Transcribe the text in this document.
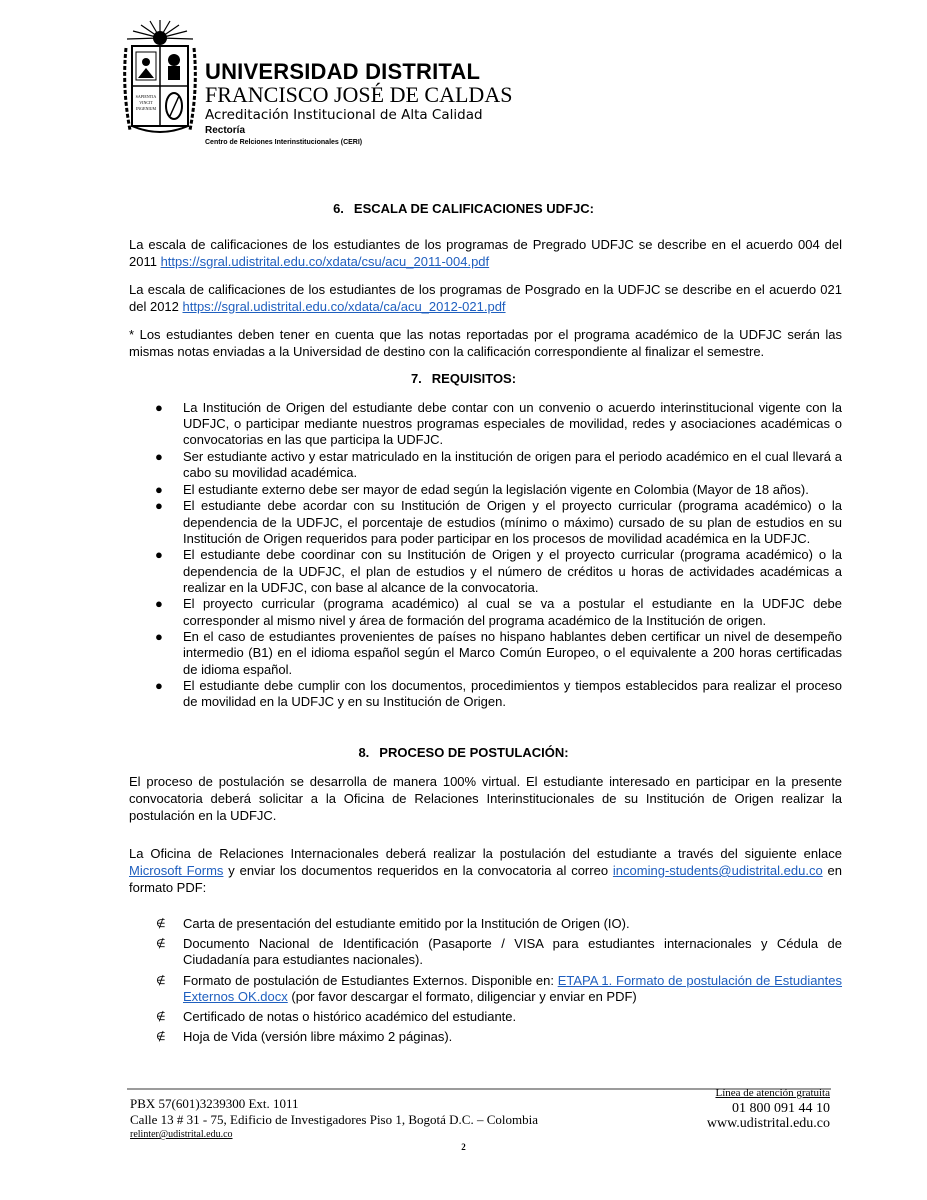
SAPIENTIA
VINCIT
INGENIUM
UNIVERSIDAD DISTRITAL
FRANCISCO JOSÉ DE CALDAS
Acreditación Institucional de Alta Calidad
Rectoría
Centro de Relciones Interinstitucionales (CERI)
6. ESCALA DE CALIFICACIONES UDFJC:
La escala de calificaciones de los estudiantes de los programas de Pregrado UDFJC se describe en el acuerdo 004 del 2011 https://sgral.udistrital.edu.co/xdata/csu/acu_2011-004.pdf
La escala de calificaciones de los estudiantes de los programas de Posgrado en la UDFJC se describe en el acuerdo 021 del 2012 https://sgral.udistrital.edu.co/xdata/ca/acu_2012-021.pdf
* Los estudiantes deben tener en cuenta que las notas reportadas por el programa académico de la UDFJC serán las mismas notas enviadas a la Universidad de destino con la calificación correspondiente al finalizar el semestre.
7. REQUISITOS:
● La Institución de Origen del estudiante debe contar con un convenio o acuerdo interinstitucional vigente con la UDFJC, o participar mediante nuestros programas especiales de movilidad, redes y asociaciones académicas o convocatorias en las que participa la UDFJC.
● Ser estudiante activo y estar matriculado en la institución de origen para el periodo académico en el cual llevará a cabo su movilidad académica.
● El estudiante externo debe ser mayor de edad según la legislación vigente en Colombia (Mayor de 18 años).
● El estudiante debe acordar con su Institución de Origen y el proyecto curricular (programa académico) o la dependencia de la UDFJC, el porcentaje de estudios (mínimo o máximo) cursado de su plan de estudios en su Institución de Origen requeridos para poder participar en los procesos de movilidad académica en la UDFJC.
● El estudiante debe coordinar con su Institución de Origen y el proyecto curricular (programa académico) o la dependencia de la UDFJC, el plan de estudios y el número de créditos u horas de actividades académicas a realizar en la UDFJC, con base al alcance de la convocatoria.
● El proyecto curricular (programa académico) al cual se va a postular el estudiante en la UDFJC debe corresponder al mismo nivel y área de formación del programa académico de la Institución de origen.
● En el caso de estudiantes provenientes de países no hispano hablantes deben certificar un nivel de desempeño intermedio (B1) en el idioma español según el Marco Común Europeo, o el equivalente a 200 horas certificadas de idioma español.
● El estudiante debe cumplir con los documentos, procedimientos y tiempos establecidos para realizar el proceso de movilidad en la UDFJC y en su Institución de Origen.
8. PROCESO DE POSTULACIÓN:
El proceso de postulación se desarrolla de manera 100% virtual. El estudiante interesado en participar en la presente convocatoria deberá solicitar a la Oficina de Relaciones Interinstitucionales de su Institución de Origen realizar la postulación en la UDFJC.
La Oficina de Relaciones Internacionales deberá realizar la postulación del estudiante a través del siguiente enlace Microsoft Forms y enviar los documentos requeridos en la convocatoria al correo incoming-students@udistrital.edu.co en formato PDF:
∉ Carta de presentación del estudiante emitido por la Institución de Origen (IO).
∉ Documento Nacional de Identificación (Pasaporte / VISA para estudiantes internacionales y Cédula de Ciudadanía para estudiantes nacionales).
∉ Formato de postulación de Estudiantes Externos. Disponible en: ETAPA 1. Formato de postulación de Estudiantes Externos OK.docx (por favor descargar el formato, diligenciar y enviar en PDF)
∉ Certificado de notas o histórico académico del estudiante.
∉ Hoja de Vida (versión libre máximo 2 páginas).
PBX 57(601)3239300 Ext. 1011
Calle 13 # 31 - 75, Edificio de Investigadores Piso 1, Bogotá D.C. – Colombia
relinter@udistrital.edu.co
Línea de atención gratuita
01 800 091 44 10
www.udistrital.edu.co
2
